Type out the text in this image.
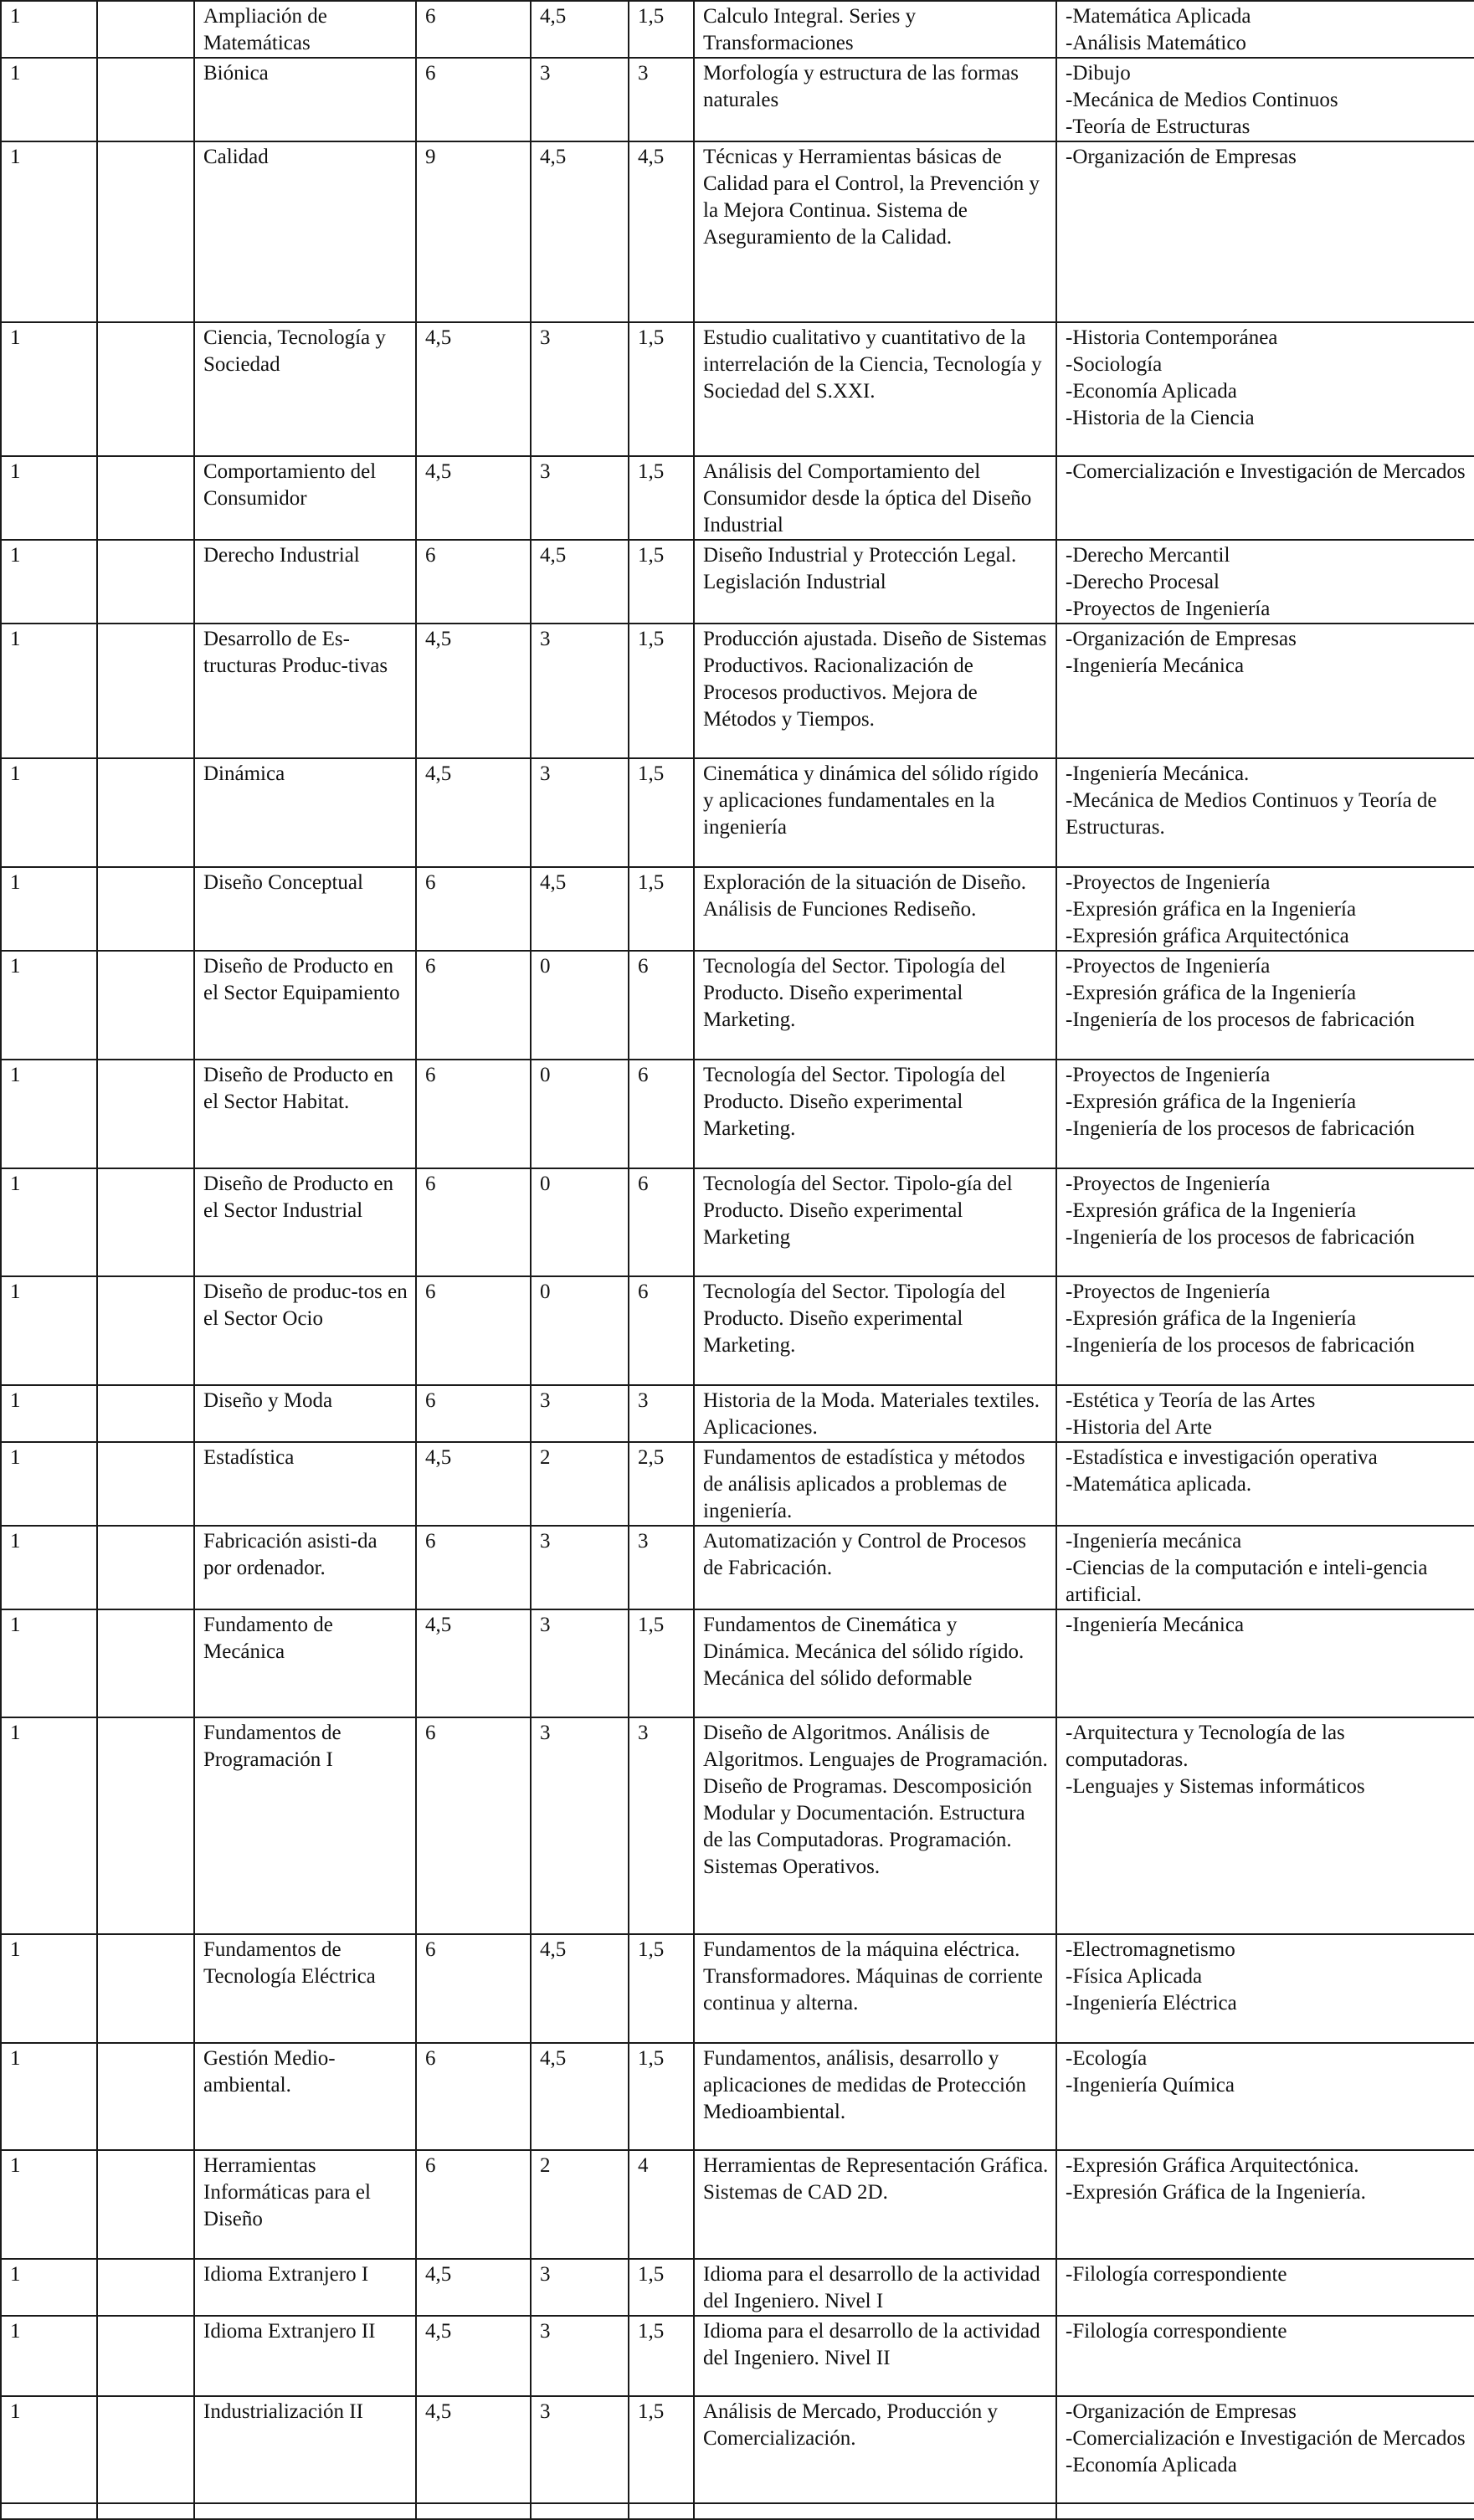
1		Ampliación de Matemáticas	6	4,5	1,5	Calculo Integral. Series y Transformaciones	-Matemática Aplicada
-Análisis Matemático

1		Biónica	6	3	3	Morfología y estructura de las formas naturales	-Dibujo
-Mecánica de Medios Continuos
-Teoría de Estructuras

1		Calidad	9	4,5	4,5	Técnicas y Herramientas básicas de Calidad para el Control, la Prevención y la Mejora Continua. Sistema de Aseguramiento de la Calidad.	-Organización de Empresas

1		Ciencia, Tecnología y Sociedad	4,5	3	1,5	Estudio cualitativo y cuantitativo de la interrelación de la Ciencia, Tecnología y Sociedad del S.XXI.	-Historia Contemporánea
-Sociología
-Economía Aplicada
-Historia de la Ciencia

1		Comportamiento del Consumidor	4,5	3	1,5	Análisis del Comportamiento del Consumidor desde la óptica del Diseño Industrial	-Comercialización e Investigación de Mercados

1		Derecho Industrial	6	4,5	1,5	Diseño Industrial y Protección Legal. Legislación Industrial	-Derecho Mercantil
-Derecho Procesal
-Proyectos de Ingeniería

1		Desarrollo de Es-tructuras Produc-tivas	4,5	3	1,5	Producción ajustada. Diseño de Sistemas Productivos. Racionalización de Procesos productivos. Mejora de Métodos y Tiempos.	-Organización de Empresas
-Ingeniería Mecánica

1		Dinámica	4,5	3	1,5	Cinemática y dinámica del sólido rígido y aplicaciones fundamentales en la ingeniería	-Ingeniería Mecánica.
-Mecánica de Medios Continuos y Teoría de Estructuras.

1		Diseño Conceptual	6	4,5	1,5	Exploración de la situación de Diseño. Análisis de Funciones Rediseño.	-Proyectos de Ingeniería
-Expresión gráfica en la Ingeniería
-Expresión gráfica Arquitectónica

1		Diseño de Producto en el Sector Equipamiento	6	0	6	Tecnología del Sector. Tipología del Producto. Diseño experimental Marketing.	-Proyectos de Ingeniería
-Expresión gráfica de la Ingeniería
-Ingeniería de los procesos de fabricación

1		Diseño de Producto en el Sector Habitat.	6	0	6	Tecnología del Sector. Tipología del Producto. Diseño experimental Marketing.	-Proyectos de Ingeniería
-Expresión gráfica de la Ingeniería
-Ingeniería de los procesos de fabricación

1		Diseño de Producto en el Sector Industrial	6	0	6	Tecnología del Sector. Tipolo-gía del Producto. Diseño experimental Marketing	-Proyectos de Ingeniería
-Expresión gráfica de la Ingeniería
-Ingeniería de los procesos de fabricación

1		Diseño de produc-tos en el Sector Ocio	6	0	6	Tecnología del Sector. Tipología del Producto. Diseño experimental Marketing.	-Proyectos de Ingeniería
-Expresión gráfica de la Ingeniería
-Ingeniería de los procesos de fabricación

1		Diseño y Moda	6	3	3	Historia de la Moda. Materiales textiles. Aplicaciones.	-Estética y Teoría de las Artes
-Historia del Arte

1		Estadística	4,5	2	2,5	Fundamentos de estadística y métodos de análisis aplicados a problemas de ingeniería.	-Estadística e investigación operativa
-Matemática aplicada.

1		Fabricación asisti-da por ordenador.	6	3	3	Automatización y Control de Procesos de Fabricación.	-Ingeniería mecánica
-Ciencias de la computación e inteli-gencia artificial.

1		Fundamento de Mecánica	4,5	3	1,5	Fundamentos de Cinemática y Dinámica. Mecánica del sólido rígido. Mecánica del sólido deformable	-Ingeniería Mecánica

1		Fundamentos de Programación I	6	3	3	Diseño de Algoritmos. Análisis de Algoritmos. Lenguajes de Programación. Diseño de Programas. Descomposición Modular y Documentación. Estructura de las Computadoras. Programación. Sistemas Operativos.	-Arquitectura y Tecnología de las computadoras.
-Lenguajes y Sistemas informáticos

1		Fundamentos de Tecnología Eléctrica	6	4,5	1,5	Fundamentos de la máquina eléctrica. Transformadores. Máquinas de corriente continua y alterna.	-Electromagnetismo
-Física Aplicada
-Ingeniería Eléctrica

1		Gestión Medio-ambiental.	6	4,5	1,5	Fundamentos, análisis, desarrollo y aplicaciones de medidas de Protección Medioambiental.	-Ecología
-Ingeniería Química

1		Herramientas Informáticas para el Diseño	6	2	4	Herramientas de Representación Gráfica. Sistemas de CAD 2D.	-Expresión Gráfica Arquitectónica.
-Expresión Gráfica de la Ingeniería.

1		Idioma Extranjero I	4,5	3	1,5	Idioma para el desarrollo de la actividad del Ingeniero. Nivel I	-Filología correspondiente

1		Idioma Extranjero II	4,5	3	1,5	Idioma para el desarrollo de la actividad del Ingeniero. Nivel II	-Filología correspondiente

1		Industrialización II	4,5	3	1,5	Análisis de Mercado, Producción y Comercialización.	-Organización de Empresas
-Comercialización e Investigación de Mercados
-Economía Aplicada
